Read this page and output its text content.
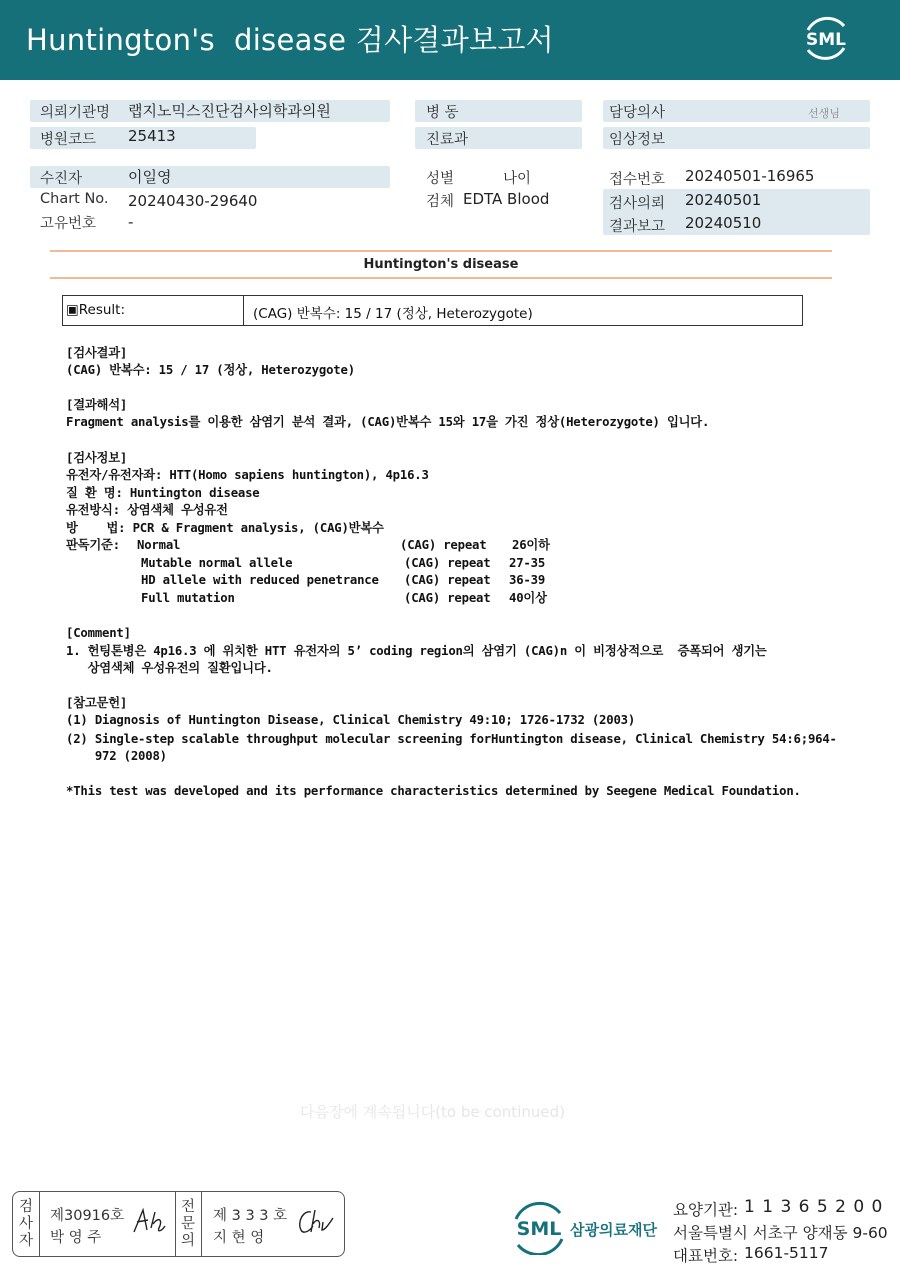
Huntington's  disease 검사결과보고서	SML
의뢰기관명 랩지노믹스진단검사의학과의원
병원코드 25413
병 동
진료과
담당의사	선생님
임상정보
수진자	이일영
Chart No. 20240430-29640
고유번호 -
성별	나이
검체 EDTA Blood
접수번호 20240501-16965
검사의뢰 20240501
결과보고 20240510
Huntington's disease
▣Result:	(CAG) 반복수: 15 / 17 (정상, Heterozygote)
[검사결과]
(CAG) 반복수: 15 / 17 (정상, Heterozygote)
[결과해석]
Fragment analysis를 이용한 삼염기 분석 결과, (CAG)반복수 15와 17을 가진 정상(Heterozygote) 입니다.
[검사정보]
유전자/유전자좌: HTT(Homo sapiens huntington), 4p16.3
질 환 명: Huntington disease
유전방식: 상염색체 우성유전
방    법: PCR & Fragment analysis, (CAG)반복수
판독기준: Normal	(CAG) repeat 26이하
Mutable normal allele	(CAG) repeat 27-35
HD allele with reduced penetrance (CAG) repeat 36-39
Full mutation	(CAG) repeat 40이상
[Comment]
1. 헌팅톤병은 4p16.3 에 위치한 HTT 유전자의 5’ coding region의 삼염기 (CAG)n 이 비정상적으로  증폭되어 생기는
상염색체 우성유전의 질환입니다.
[참고문헌]
(1) Diagnosis of Huntington Disease, Clinical Chemistry 49:10; 1726-1732 (2003)
(2) Single-step scalable throughput molecular screening forHuntington disease, Clinical Chemistry 54:6;964-
972 (2008)
*This test was developed and its performance characteristics determined by Seegene Medical Foundation.
다음장에 계속됩니다(to be continued)
검
사
자
제30916호
박 영 주
전
문
의
제 3 3 3 호
지 현 영	SML 삼광의료재단
요양기관: 1 1 3 6 5 2 0 0
서울특별시 서초구 양재동 9-60
대표번호: 1661-5117
